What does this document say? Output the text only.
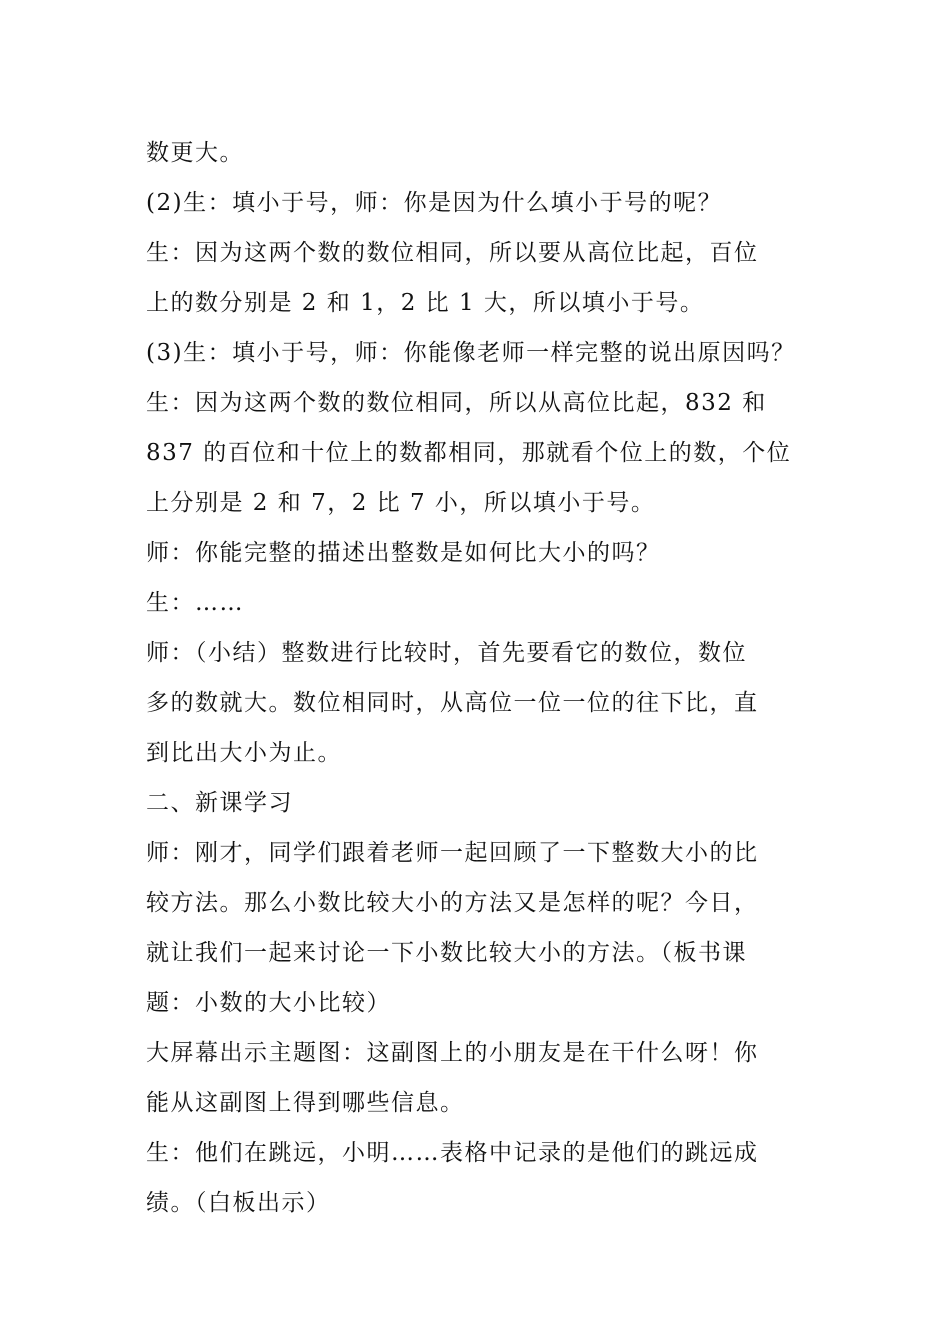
数更大。
(2)生：填小于号，师：你是因为什么填小于号的呢？
生：因为这两个数的数位相同，所以要从高位比起，百位
上的数分别是 2 和 1，2 比 1 大，所以填小于号。
(3)生：填小于号，师：你能像老师一样完整的说出原因吗？
生：因为这两个数的数位相同，所以从高位比起，832 和
837 的百位和十位上的数都相同，那就看个位上的数，个位
上分别是 2 和 7，2 比 7 小，所以填小于号。
师：你能完整的描述出整数是如何比大小的吗？
生：……
师：（小结）整数进行比较时，首先要看它的数位，数位
多的数就大。数位相同时，从高位一位一位的往下比，直
到比出大小为止。
二、新课学习
师：刚才，同学们跟着老师一起回顾了一下整数大小的比
较方法。那么小数比较大小的方法又是怎样的呢？今日，
就让我们一起来讨论一下小数比较大小的方法。（板书课
题：小数的大小比较）
大屏幕出示主题图：这副图上的小朋友是在干什么呀！你
能从这副图上得到哪些信息。
生：他们在跳远，小明……表格中记录的是他们的跳远成
绩。（白板出示）
